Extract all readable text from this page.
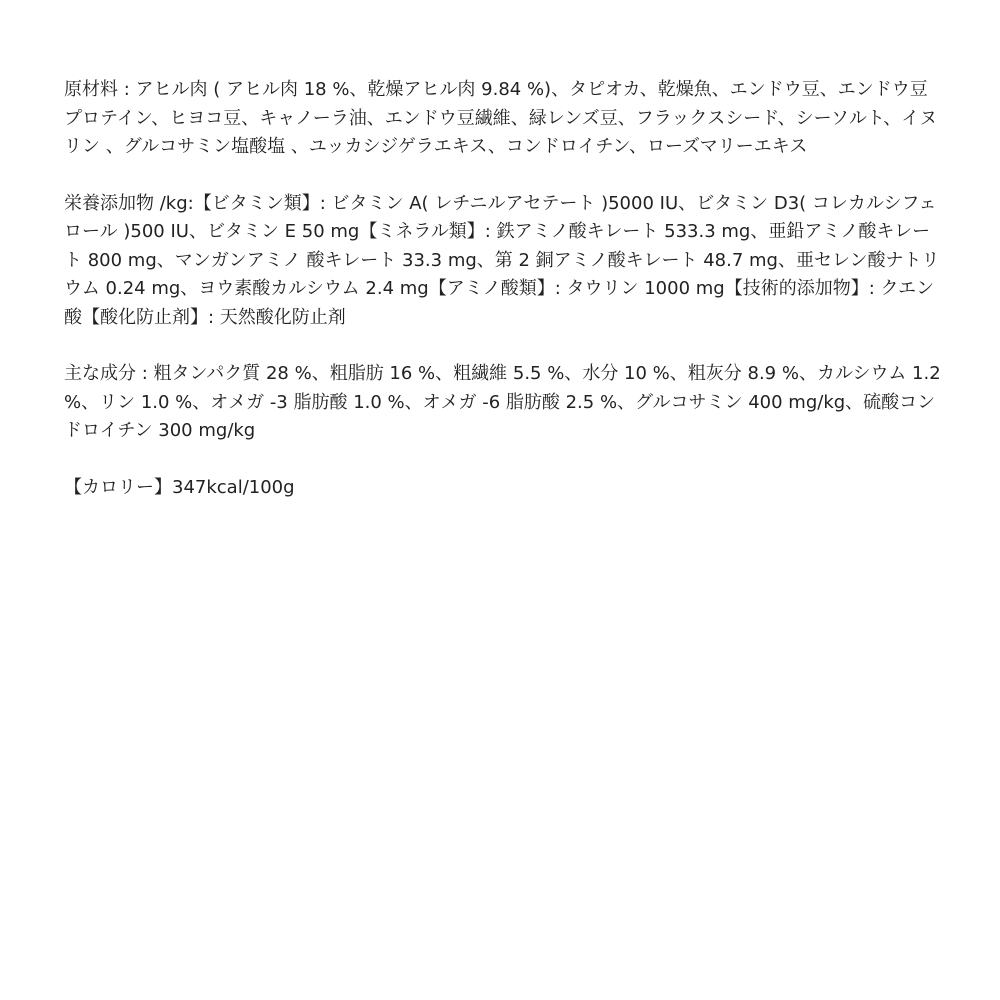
原材料 : アヒル肉 ( アヒル肉 18 %、乾燥アヒル肉 9.84 %)、タピオカ、乾燥魚、エンドウ豆、エンドウ豆プロテイン、ヒヨコ豆、キャノーラ油、エンドウ豆繊維、緑レンズ豆、フラックスシード、シーソルト、イヌリン 、グルコサミン塩酸塩 、ユッカシジゲラエキス、コンドロイチン、ローズマリーエキス

栄養添加物 /kg:【ビタミン類】: ビタミン A( レチニルアセテート )5000 IU、ビタミン D3( コレカルシフェロール )500 IU、ビタミン E 50 mg【ミネラル類】: 鉄アミノ酸キレート 533.3 mg、亜鉛アミノ酸キレート 800 mg、マンガンアミノ 酸キレート 33.3 mg、第 2 銅アミノ酸キレート 48.7 mg、亜セレン酸ナトリウム 0.24 mg、ヨウ素酸カルシウム 2.4 mg【アミノ酸類】: タウリン 1000 mg【技術的添加物】: クエン酸【酸化防止剤】: 天然酸化防止剤

主な成分 : 粗タンパク質 28 %、粗脂肪 16 %、粗繊維 5.5 %、水分 10 %、粗灰分 8.9 %、カルシウム 1.2 %、リン 1.0 %、オメガ -3 脂肪酸 1.0 %、オメガ -6 脂肪酸 2.5 %、グルコサミン 400 mg/kg、硫酸コンドロイチン 300 mg/kg

【カロリー】347kcal/100g
